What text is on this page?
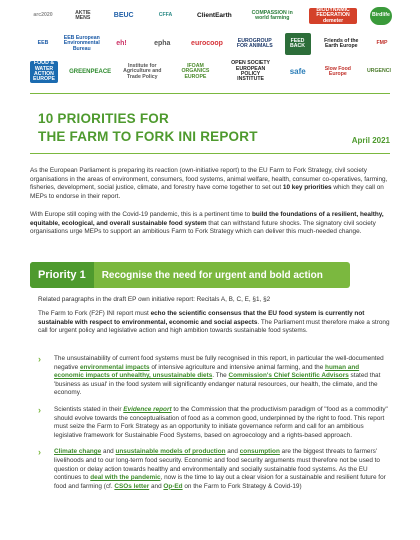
arc2020	AKTIE MENS	BEUC	CFFA	ClientEarth	COMPASSION in world farming
BIODYNAMIC FEDERATION demeter
Birdlife
EEB
EEB European Environmental Bureau
eh!	epha	eurocoop	EUROGROUP FOR ANIMALS
FEED BACK
Friends of the Earth Europe	FMP
FOOD & WATER ACTION EUROPE
GREENPEACE
Institute for Agriculture and Trade Policy
IFOAM ORGANICS EUROPE
OPEN SOCIETY EUROPEAN POLICY INSTITUTE
safe	Slow Food Europe	URGENCI
10 PRIORITIES FOR
THE FARM TO FORK INI REPORT	April 2021

As the European Parliament is preparing its reaction (own-initiative report) to the EU Farm to Fork Strategy, civil society organisations in the areas of environment, consumers, food systems, animal welfare, health, consumer co-operatives, farming, fisheries, development, social justice, climate, and forestry have come together to set out 10 key priorities which they call on MEPs to endorse in their report.

With Europe still coping with the Covid-19 pandemic, this is a pertinent time to build the foundations of a resilient, healthy, equitable, ecological, and overall sustainable food system that can withstand future shocks. The signatory civil society organisations urge MEPs to support an ambitious Farm to Fork Strategy which can deliver this much-needed change.

Priority 1	Recognise the need for urgent and bold action

Related paragraphs in the draft EP own initiative report: Recitals A, B, C, E, §1, §2

The Farm to Fork (F2F) INI report must echo the scientific consensus that the EU food system is currently not sustainable with respect to environmental, economic and social aspects. The Parliament must therefore make a strong call for urgent policy and legislative action and high ambition towards sustainable food systems.

› The unsustainability of current food systems must be fully recognised in this report, in particular the well-documented negative environmental impacts of intensive agriculture and intensive animal farming, and the human and economic impacts of unhealthy, unsustainable diets. The Commission's Chief Scientific Advisors stated that 'business as usual' in the food system will significantly endanger natural resources, our health, the climate, and the economy.
› Scientists stated in their Evidence report to the Commission that the productivism paradigm of "food as a commodity" should evolve towards the conceptualisation of food as a common good, underpinned by the right to food. This report must seize the Farm to Fork Strategy as an opportunity to initiate governance reform and call for an ambitious legislative framework for Sustainable Food Systems, based on agroecology and a rights-based approach.
› Climate change and unsustainable models of production and consumption are the biggest threats to farmers' livelihoods and to our long-term food security. Economic and food security arguments must therefore not be used to question or delay action towards healthy and environmentally and socially sustainable food systems. As the EU continues to deal with the pandemic, now is the time to lay out a clear vision for a sustainable and resilient future for food and farming (cf. CSOs letter and Op-Ed on the Farm to Fork Strategy & Covid-19)
